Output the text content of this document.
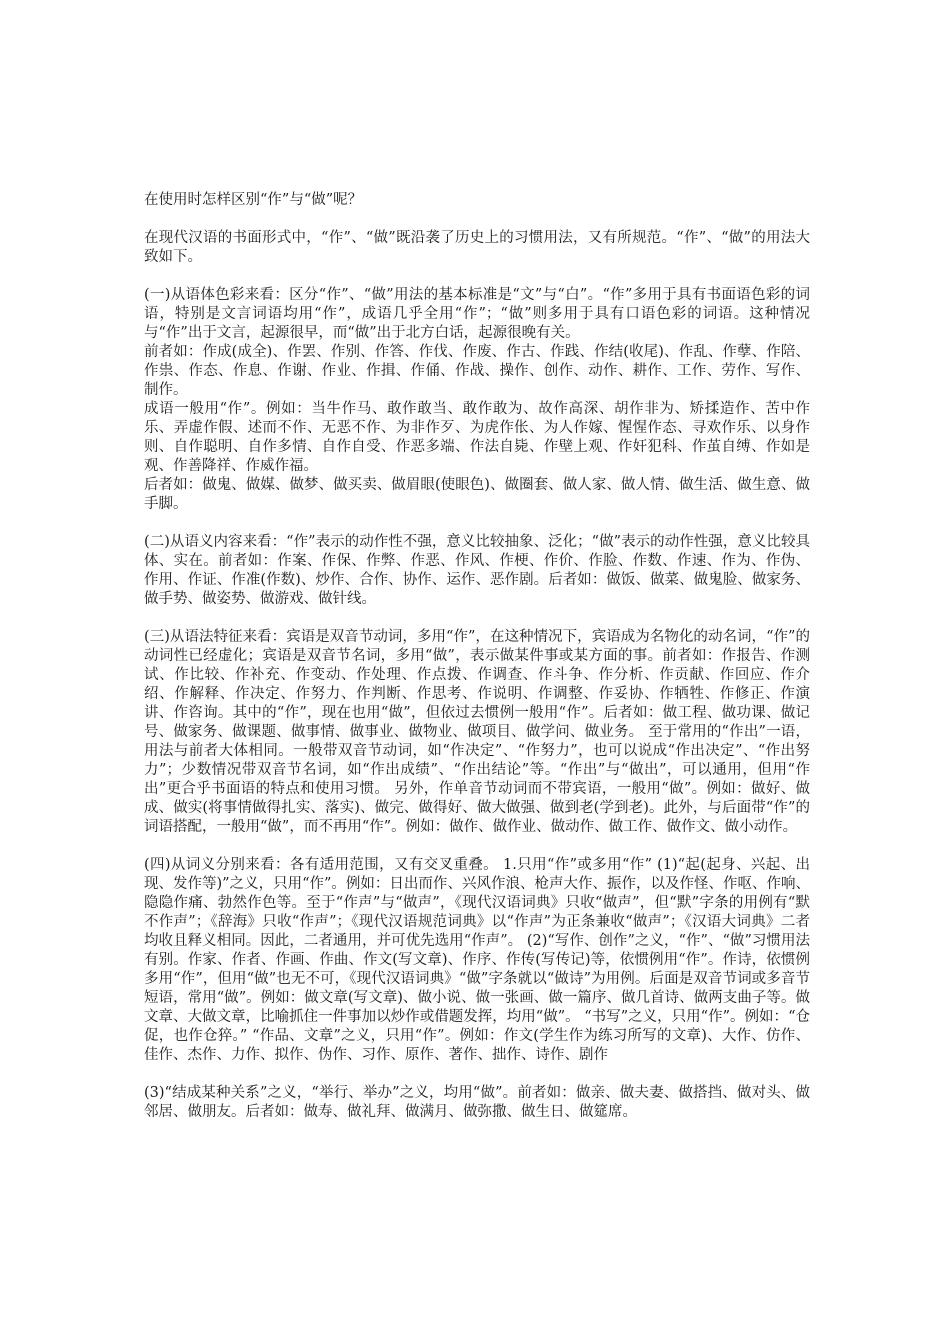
在使用时怎样区别“作”与“做”呢？

在现代汉语的书面形式中，“作”、“做”既沿袭了历史上的习惯用法，又有所规范。“作”、“做”的用法大致如下。

(一)从语体色彩来看：区分“作”、“做”用法的基本标准是“文”与“白”。“作”多用于具有书面语色彩的词语，特别是文言词语均用“作”，成语几乎全用“作”；“做”则多用于具有口语色彩的词语。这种情况与“作”出于文言，起源很早，而“做”出于北方白话，起源很晚有关。

前者如：作成(成全)、作罢、作别、作答、作伐、作废、作古、作践、作结(收尾)、作乱、作孽、作陪、作祟、作态、作息、作谢、作业、作揖、作俑、作战、操作、创作、动作、耕作、工作、劳作、写作、制作。

成语一般用“作”。例如：当牛作马、敢作敢当、敢作敢为、故作高深、胡作非为、矫揉造作、苦中作乐、弄虚作假、述而不作、无恶不作、为非作歹、为虎作伥、为人作嫁、惺惺作态、寻欢作乐、以身作则、自作聪明、自作多情、自作自受、作恶多端、作法自毙、作壁上观、作奸犯科、作茧自缚、作如是观、作善降祥、作威作福。

后者如：做鬼、做媒、做梦、做买卖、做眉眼(使眼色)、做圈套、做人家、做人情、做生活、做生意、做手脚。

(二)从语义内容来看：“作”表示的动作性不强，意义比较抽象、泛化；“做”表示的动作性强，意义比较具体、实在。前者如：作案、作保、作弊、作恶、作风、作梗、作价、作脸、作数、作速、作为、作伪、作用、作证、作准(作数)、炒作、合作、协作、运作、恶作剧。后者如：做饭、做菜、做鬼脸、做家务、做手势、做姿势、做游戏、做针线。

(三)从语法特征来看：宾语是双音节动词，多用“作”，在这种情况下，宾语成为名物化的动名词，“作”的动词性已经虚化；宾语是双音节名词，多用“做”，表示做某件事或某方面的事。前者如：作报告、作测试、作比较、作补充、作变动、作处理、作点拨、作调查、作斗争、作分析、作贡献、作回应、作介绍、作解释、作决定、作努力、作判断、作思考、作说明、作调整、作妥协、作牺牲、作修正、作演讲、作咨询。其中的“作”，现在也用“做”，但依过去惯例一般用“作”。后者如：做工程、做功课、做记号、做家务、做课题、做事情、做事业、做物业、做项目、做学问、做业务。 至于常用的“作出”一语，用法与前者大体相同。一般带双音节动词，如“作决定”、“作努力”，也可以说成“作出决定”、“作出努力”；少数情况带双音节名词，如“作出成绩”、“作出结论”等。“作出”与“做出”，可以通用，但用“作出”更合乎书面语的特点和使用习惯。 另外，作单音节动词而不带宾语，一般用“做”。例如：做好、做成、做实(将事情做得扎实、落实)、做完、做得好、做大做强、做到老(学到老)。此外，与后面带“作”的词语搭配，一般用“做”，而不再用“作”。例如：做作、做作业、做动作、做工作、做作文、做小动作。

(四)从词义分别来看：各有适用范围，又有交叉重叠。 1.只用“作”或多用“作” (1)“起(起身、兴起、出现、发作等)”之义，只用“作”。例如：日出而作、兴风作浪、枪声大作、振作，以及作怪、作呕、作响、隐隐作痛、勃然作色等。至于“作声”与“做声”，《现代汉语词典》只收“做声”，但“默”字条的用例有“默不作声”；《辞海》只收“作声”；《现代汉语规范词典》以“作声”为正条兼收“做声”；《汉语大词典》二者均收且释义相同。因此，二者通用，并可优先选用“作声”。 (2)“写作、创作”之义，“作”、“做”习惯用法有别。作家、作者、作画、作曲、作文(写文章)、作序、作传(写传记)等，依惯例用“作”。作诗，依惯例多用“作”，但用“做”也无不可，《现代汉语词典》“做”字条就以“做诗”为用例。后面是双音节词或多音节短语，常用“做”。例如：做文章(写文章)、做小说、做一张画、做一篇序、做几首诗、做两支曲子等。做文章、大做文章，比喻抓住一件事加以炒作或借题发挥，均用“做”。 “书写”之义，只用“作”。例如：“仓促，也作仓猝。” “作品、文章”之义，只用“作”。例如：作文(学生作为练习所写的文章)、大作、仿作、佳作、杰作、力作、拟作、伪作、习作、原作、著作、拙作、诗作、剧作

(3)“结成某种关系”之义，“举行、举办”之义，均用“做”。前者如：做亲、做夫妻、做搭挡、做对头、做邻居、做朋友。后者如：做寿、做礼拜、做满月、做弥撒、做生日、做筵席。
